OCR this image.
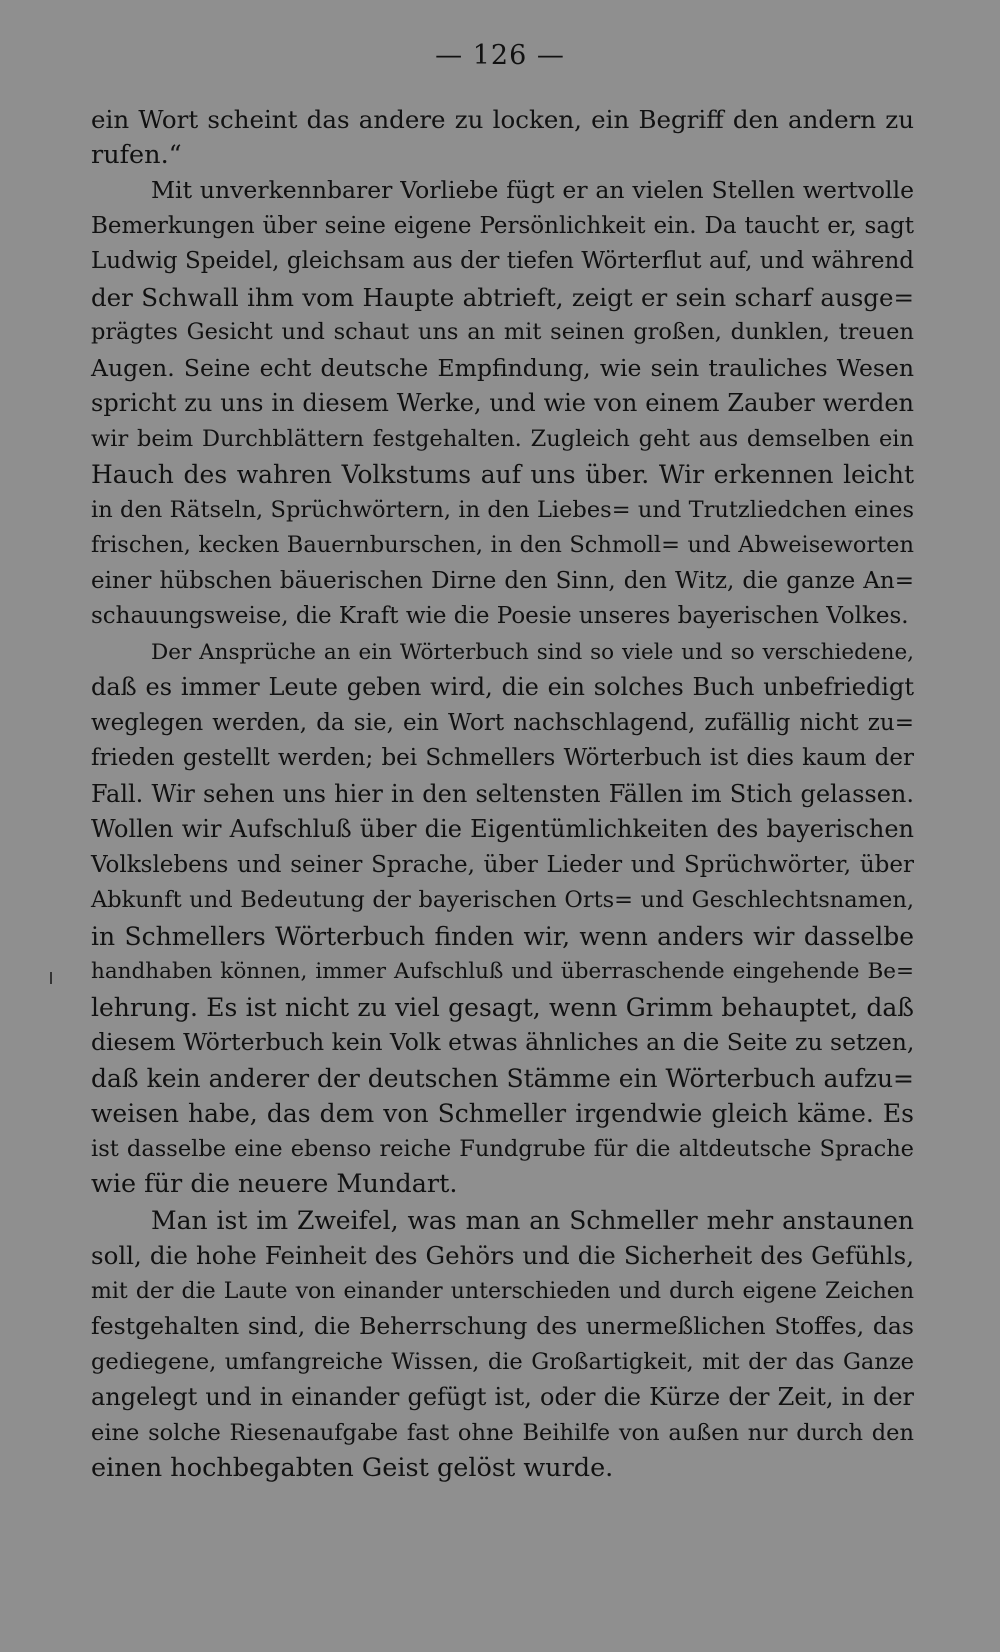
— 126 —
ein Wort scheint das andere zu locken, ein Begriff den andern zu
rufen.“
Mit unverkennbarer Vorliebe fügt er an vielen Stellen wertvolle
Bemerkungen über seine eigene Persönlichkeit ein. Da taucht er, sagt
Ludwig Speidel, gleichsam aus der tiefen Wörterflut auf, und während
der Schwall ihm vom Haupte abtrieft, zeigt er sein scharf ausge=
prägtes Gesicht und schaut uns an mit seinen großen, dunklen, treuen
Augen. Seine echt deutsche Empfindung, wie sein trauliches Wesen
spricht zu uns in diesem Werke, und wie von einem Zauber werden
wir beim Durchblättern festgehalten. Zugleich geht aus demselben ein
Hauch des wahren Volkstums auf uns über. Wir erkennen leicht
in den Rätseln, Sprüchwörtern, in den Liebes= und Trutzliedchen eines
frischen, kecken Bauernburschen, in den Schmoll= und Abweiseworten
einer hübschen bäuerischen Dirne den Sinn, den Witz, die ganze An=
schauungsweise, die Kraft wie die Poesie unseres bayerischen Volkes.
Der Ansprüche an ein Wörterbuch sind so viele und so verschiedene,
daß es immer Leute geben wird, die ein solches Buch unbefriedigt
weglegen werden, da sie, ein Wort nachschlagend, zufällig nicht zu=
frieden gestellt werden; bei Schmellers Wörterbuch ist dies kaum der
Fall. Wir sehen uns hier in den seltensten Fällen im Stich gelassen.
Wollen wir Aufschluß über die Eigentümlichkeiten des bayerischen
Volkslebens und seiner Sprache, über Lieder und Sprüchwörter, über
Abkunft und Bedeutung der bayerischen Orts= und Geschlechtsnamen,
in Schmellers Wörterbuch finden wir, wenn anders wir dasselbe
handhaben können, immer Aufschluß und überraschende eingehende Be=
lehrung. Es ist nicht zu viel gesagt, wenn Grimm behauptet, daß
diesem Wörterbuch kein Volk etwas ähnliches an die Seite zu setzen,
daß kein anderer der deutschen Stämme ein Wörterbuch aufzu=
weisen habe, das dem von Schmeller irgendwie gleich käme. Es
ist dasselbe eine ebenso reiche Fundgrube für die altdeutsche Sprache
wie für die neuere Mundart.
Man ist im Zweifel, was man an Schmeller mehr anstaunen
soll, die hohe Feinheit des Gehörs und die Sicherheit des Gefühls,
mit der die Laute von einander unterschieden und durch eigene Zeichen
festgehalten sind, die Beherrschung des unermeßlichen Stoffes, das
gediegene, umfangreiche Wissen, die Großartigkeit, mit der das Ganze
angelegt und in einander gefügt ist, oder die Kürze der Zeit, in der
eine solche Riesenaufgabe fast ohne Beihilfe von außen nur durch den
einen hochbegabten Geist gelöst wurde.
